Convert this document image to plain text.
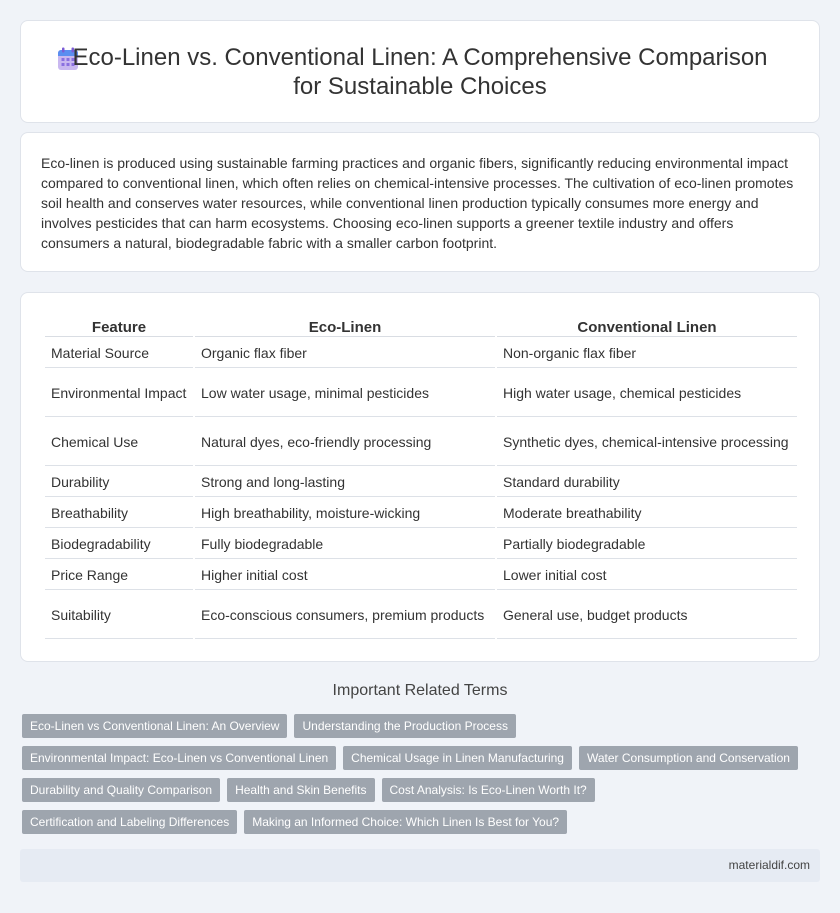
Eco-Linen vs. Conventional Linen: A Comprehensive Comparison
for Sustainable Choices

Eco-linen is produced using sustainable farming practices and organic fibers, significantly reducing environmental impact compared to conventional linen, which often relies on chemical-intensive processes. The cultivation of eco-linen promotes soil health and conserves water resources, while conventional linen production typically consumes more energy and involves pesticides that can harm ecosystems. Choosing eco-linen supports a greener textile industry and offers consumers a natural, biodegradable fabric with a smaller carbon footprint.

Feature	Eco-Linen	Conventional Linen
Material Source	Organic flax fiber	Non-organic flax fiber
Environmental Impact	Low water usage, minimal pesticides	High water usage, chemical pesticides
Chemical Use	Natural dyes, eco-friendly processing	Synthetic dyes, chemical-intensive processing
Durability	Strong and long-lasting	Standard durability
Breathability	High breathability, moisture-wicking	Moderate breathability
Biodegradability	Fully biodegradable	Partially biodegradable
Price Range	Higher initial cost	Lower initial cost
Suitability	Eco-conscious consumers, premium products	General use, budget products
Important Related Terms
Eco-Linen vs Conventional Linen: An Overview	Understanding the Production Process
Environmental Impact: Eco-Linen vs Conventional Linen	Chemical Usage in Linen Manufacturing	Water Consumption and Conservation
Durability and Quality Comparison	Health and Skin Benefits	Cost Analysis: Is Eco-Linen Worth It?
Certification and Labeling Differences	Making an Informed Choice: Which Linen Is Best for You?
materialdif.com
